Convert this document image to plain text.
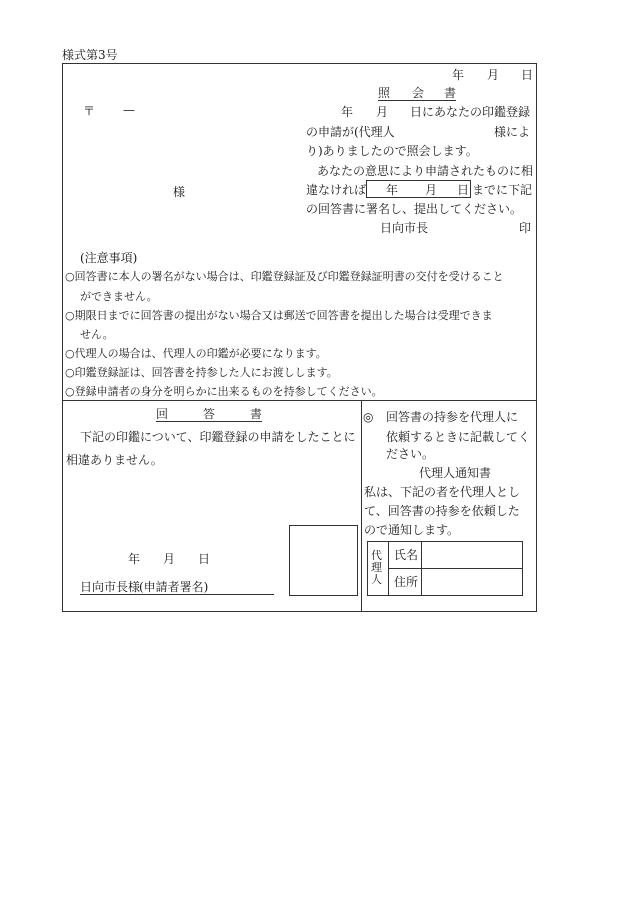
様式第3号
年 月 日
〒 —
様
照 会 書
年 月 日にあなたの印鑑登録
の申請が(代理人	様によ
り)ありましたので照会します。
あなたの意思により申請されたものに相
違なければ 年 月 日 までに下記
の回答書に署名し、提出してください。
日向市長	印
(注意事項)
○回答書に本人の署名がない場合は、印鑑登録証及び印鑑登録証明書の交付を受けること
ができません。
○期限日までに回答書の提出がない場合又は郵送で回答書を提出した場合は受理できま
せん。
○代理人の場合は、代理人の印鑑が必要になります。
○印鑑登録証は、回答書を持参した人にお渡しします。
○登録申請者の身分を明らかに出来るものを持参してください。
回	答	書
下記の印鑑について、印鑑登録の申請をしたことに
相違ありません。
年 月 日
日向市長様
(申請者署名)
◎ 回答書の持参を代理人に
依頼するときに記載してく
ださい。
代理人通知書
私は、下記の者を代理人とし
て、回答書の持参を依頼した
ので通知します。
代
理
人
氏名
住所
